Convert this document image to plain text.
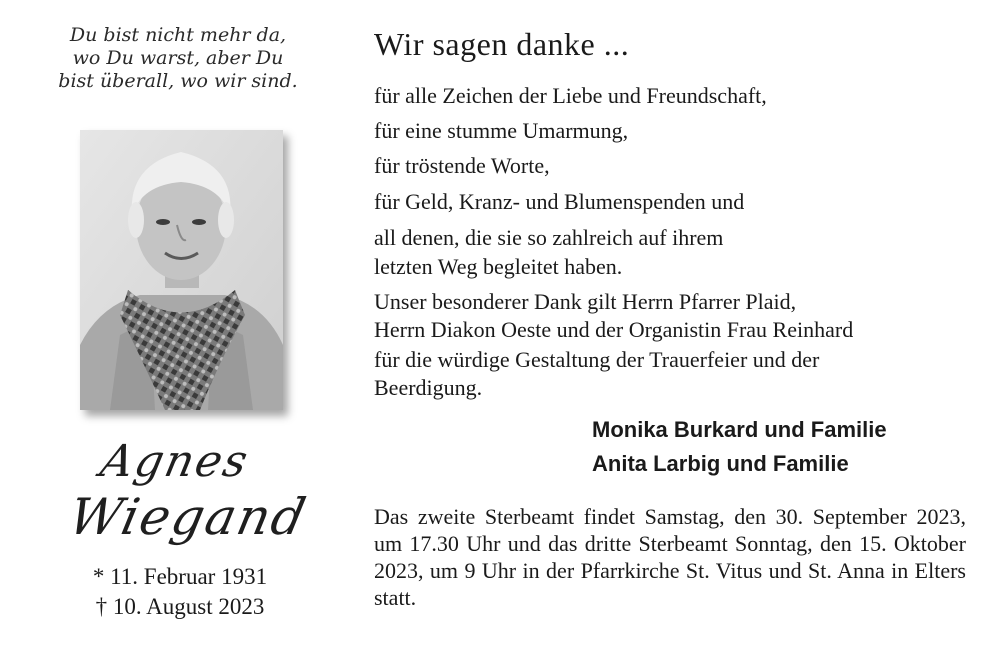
Du bist nicht mehr da,
wo Du warst, aber Du
bist überall, wo wir sind.
Agnes
Wiegand
* 11. Februar 1931
† 10. August 2023
Wir sagen danke ...
für alle Zeichen der Liebe und Freundschaft,
für eine stumme Umarmung,
für tröstende Worte,
für Geld, Kranz- und Blumenspenden und
all denen, die sie so zahlreich auf ihrem
letzten Weg begleitet haben.
Unser besonderer Dank gilt Herrn Pfarrer Plaid,
Herrn Diakon Oeste und der Organistin Frau Reinhard
für die würdige Gestaltung der Trauerfeier und der
Beerdigung.
Monika Burkard und Familie
Anita Larbig und Familie
Das zweite Sterbeamt findet Samstag, den 30. September 2023, um 17.30 Uhr und das dritte Sterbeamt Sonntag, den 15. Oktober 2023, um 9 Uhr in der Pfarrkirche St. Vitus und St. Anna in Elters statt.
